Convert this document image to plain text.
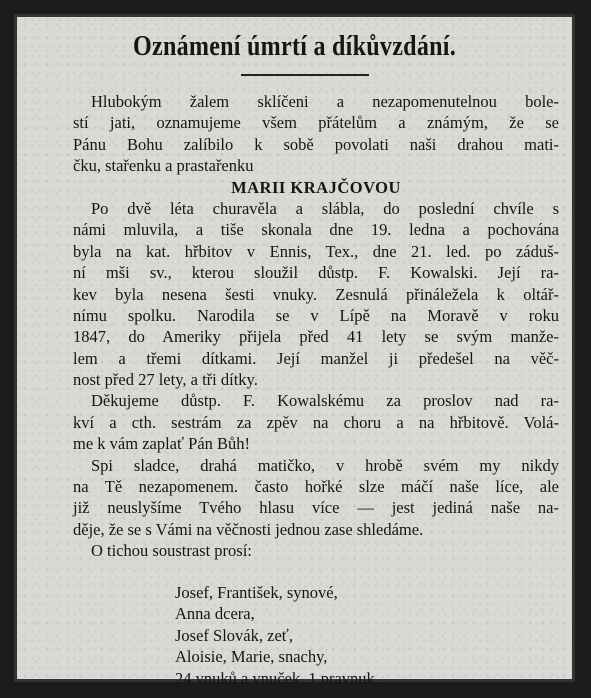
Oznámení úmrtí a díkůvzdání.
Hlubokým žalem sklíčeni a nezapomenutelnou bole-
stí jati, oznamujeme všem přátelům a známým, že se
Pánu Bohu zalíbilo k sobě povolati naši drahou mati-
čku, stařenku a prastařenku
MARII KRAJČOVOU
Po dvě léta churavěla a slábla, do poslední chvíle s
námi mluvila, a tiše skonala dne 19. ledna a pochována
byla na kat. hřbitov v Ennis, Tex., dne 21. led. po záduš-
ní mši sv., kterou sloužil důstp. F. Kowalski. Její ra-
kev byla nesena šesti vnuky. Zesnulá přináležela k oltář-
nímu spolku. Narodila se v Lípě na Moravě v roku
1847, do Ameriky přijela před 41 lety se svým manže-
lem a třemi dítkami. Její manžel ji předešel na věč-
nost před 27 lety, a tři dítky.
Děkujeme důstp. F. Kowalskému za proslov nad ra-
kví a cth. sestrám za zpěv na choru a na hřbitově. Volá-
me k vám zaplať Pán Bůh!
Spi sladce, drahá matičko, v hrobě svém my nikdy
na Tě nezapomenem. často hořké slze máčí naše líce, ale
již neuslyšíme Tvého hlasu více — jest jediná naše na-
děje, že se s Vámi na věčnosti jednou zase shledáme.
O tichou soustrast prosí:
Josef, František, synové,
Anna dcera,
Josef Slovák, zeť,
Aloisie, Marie, snachy,
24 vnuků a vnuček, 1 pravnuk.
